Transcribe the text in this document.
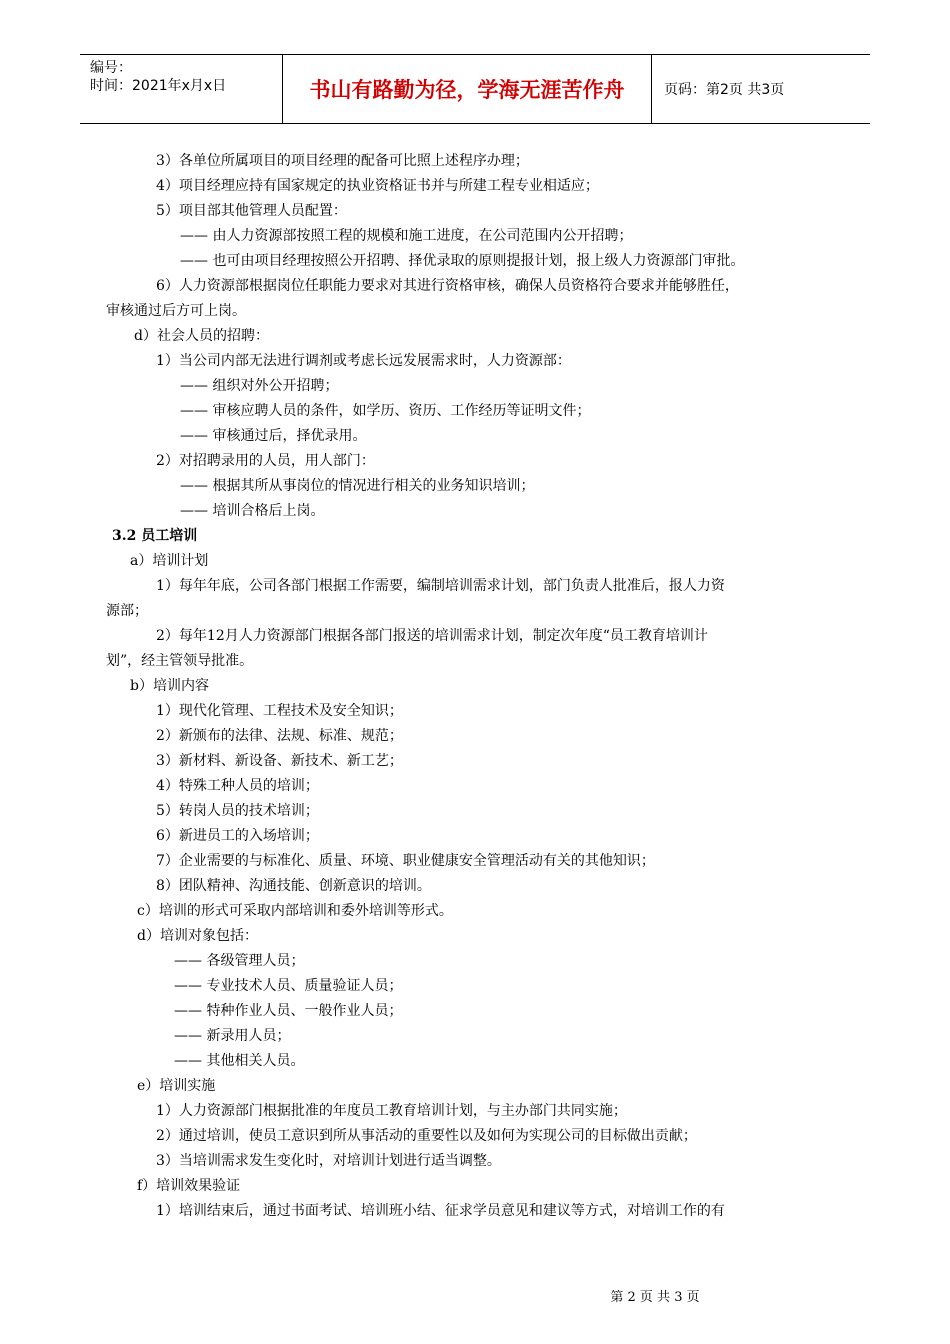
编号：
时间：2021年x月x日	书山有路勤为径，学海无涯苦作舟	页码：第2页 共3页
3）各单位所属项目的项目经理的配备可比照上述程序办理；
4）项目经理应持有国家规定的执业资格证书并与所建工程专业相适应；
5）项目部其他管理人员配置：
—— 由人力资源部按照工程的规模和施工进度，在公司范围内公开招聘；
—— 也可由项目经理按照公开招聘、择优录取的原则提报计划，报上级人力资源部门审批。
6）人力资源部根据岗位任职能力要求对其进行资格审核，确保人员资格符合要求并能够胜任，
审核通过后方可上岗。
d）社会人员的招聘：
1）当公司内部无法进行调剂或考虑长远发展需求时，人力资源部：
—— 组织对外公开招聘；
—— 审核应聘人员的条件，如学历、资历、工作经历等证明文件；
—— 审核通过后，择优录用。
2）对招聘录用的人员，用人部门：
—— 根据其所从事岗位的情况进行相关的业务知识培训；
—— 培训合格后上岗。
3.2 员工培训
a）培训计划
1）每年年底，公司各部门根据工作需要，编制培训需求计划，部门负责人批准后，报人力资
源部；
2）每年12月人力资源部门根据各部门报送的培训需求计划，制定次年度“员工教育培训计
划”，经主管领导批准。
b）培训内容
1）现代化管理、工程技术及安全知识；
2）新颁布的法律、法规、标准、规范；
3）新材料、新设备、新技术、新工艺；
4）特殊工种人员的培训；
5）转岗人员的技术培训；
6）新进员工的入场培训；
7）企业需要的与标准化、质量、环境、职业健康安全管理活动有关的其他知识；
8）团队精神、沟通技能、创新意识的培训。
c）培训的形式可采取内部培训和委外培训等形式。
d）培训对象包括：
—— 各级管理人员；
—— 专业技术人员、质量验证人员；
—— 特种作业人员、一般作业人员；
—— 新录用人员；
—— 其他相关人员。
e）培训实施
1）人力资源部门根据批准的年度员工教育培训计划，与主办部门共同实施；
2）通过培训，使员工意识到所从事活动的重要性以及如何为实现公司的目标做出贡献；
3）当培训需求发生变化时，对培训计划进行适当调整。
f）培训效果验证
1）培训结束后，通过书面考试、培训班小结、征求学员意见和建议等方式，对培训工作的有
第 2 页 共 3 页
